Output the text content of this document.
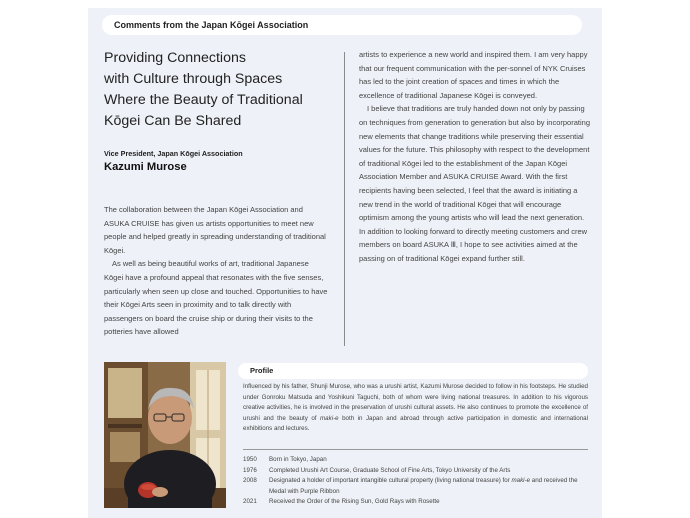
Comments from the Japan Kōgei Association
Providing Connections
with Culture through Spaces
Where the Beauty of Traditional
Kōgei Can Be Shared
Vice President, Japan Kōgei Association
Kazumi Murose

The collaboration between the Japan Kōgei Association and ASUKA CRUISE has given us artists opportunities to meet new people and helped greatly in spreading understanding of traditional Kōgei.

As well as being beautiful works of art, traditional Japanese Kōgei have a profound appeal that resonates with the five senses, particularly when seen up close and touched. Opportunities to have their Kōgei Arts seen in proximity and to talk directly with passengers on board the cruise ship or during their visits to the potteries have allowed

artists to experience a new world and inspired them. I am very happy that our frequent communication with the per-sonnel of NYK Cruises has led to the joint creation of spaces and times in which the excellence of traditional Japanese Kōgei is conveyed.

I believe that traditions are truly handed down not only by passing on techniques from generation to generation but also by incorporating new elements that change traditions while preserving their essential values for the future. This philosophy with respect to the development of traditional Kōgei led to the establishment of the Japan Kōgei Association Member and ASUKA CRUISE Award. With the first recipients having been selected, I feel that the award is initiating a new trend in the world of traditional Kōgei that will encourage optimism among the young artists who will lead the next generation. In addition to looking forward to directly meeting customers and crew members on board ASUKA Ⅲ, I hope to see activities aimed at the passing on of traditional Kōgei expand further still.

Profile
Influenced by his father, Shunji Murose, who was a urushi artist, Kazumi Murose decided to follow in his footsteps. He studied under Gonroku Matsuda and Yoshikuni Taguchi, both of whom were living national treasures. In addition to his vigorous creative activities, he is involved in the preservation of urushi cultural assets. He also continues to promote the excellence of urushi and the beauty of maki-e both in Japan and abroad through active participation in domestic and international exhibitions and lectures.
1950	Born in Tokyo, Japan
1976	Completed Urushi Art Course, Graduate School of Fine Arts, Tokyo University of the Arts
2008	Designated a holder of important intangible cultural property (living national treasure) for maki-e and received the Medal with Purple Ribbon
2021	Received the Order of the Rising Sun, Gold Rays with Rosette
